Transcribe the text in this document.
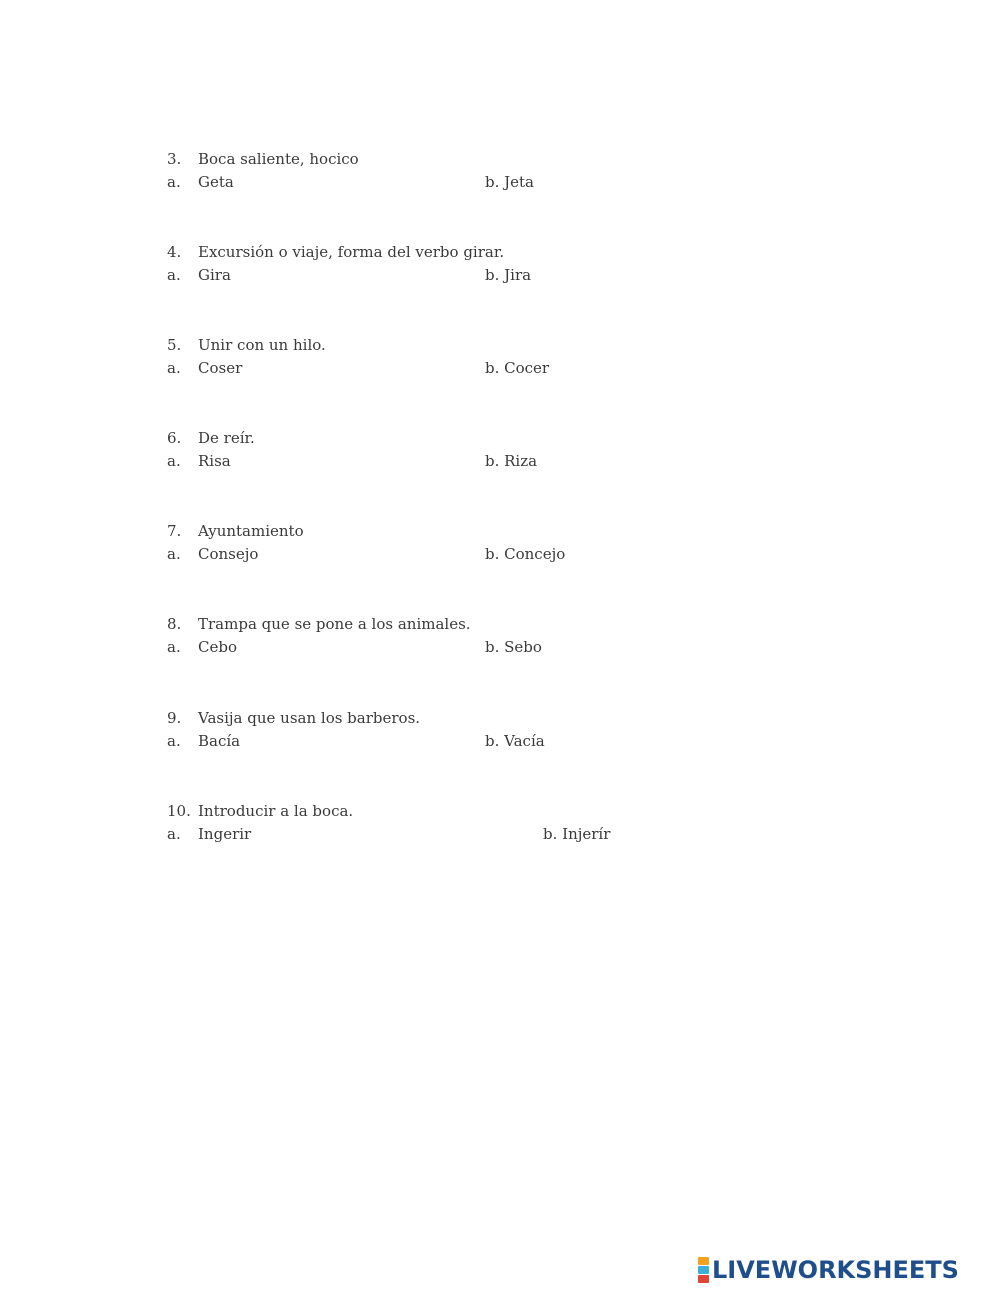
3. Boca saliente, hocico
a. Geta	b. Jeta
4. Excursión o viaje, forma del verbo girar.
a. Gira	b. Jira
5. Unir con un hilo.
a. Coser	b. Cocer
6. De reír.
a. Risa	b. Riza
7. Ayuntamiento
a. Consejo	b. Concejo
8. Trampa que se pone a los animales.
a. Cebo	b. Sebo
9. Vasija que usan los barberos.
a. Bacía	b. Vacía
10. Introducir a la boca.
a. Ingerir	b. Injerír
LIVEWORKSHEETS
